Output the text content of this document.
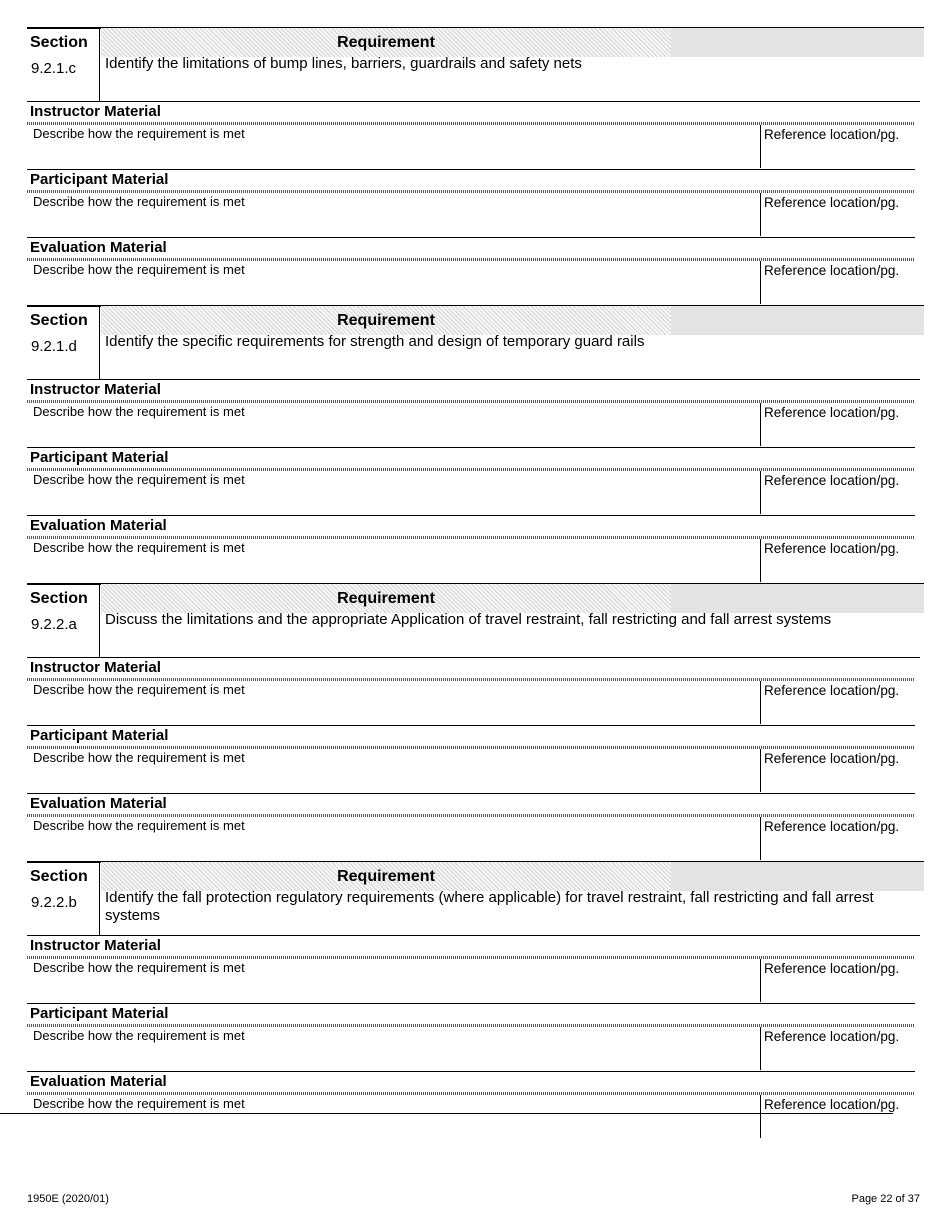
Section	Requirement
9.2.1.c Identify the limitations of bump lines, barriers, guardrails and safety nets
Instructor Material
Describe how the requirement is met	Reference location/pg.
Participant Material
Describe how the requirement is met	Reference location/pg.
Evaluation Material
Describe how the requirement is met	Reference location/pg.
Section	Requirement
9.2.1.d Identify the specific requirements for strength and design of temporary guard rails
Instructor Material
Describe how the requirement is met	Reference location/pg.
Participant Material
Describe how the requirement is met	Reference location/pg.
Evaluation Material
Describe how the requirement is met	Reference location/pg.
Section	Requirement
9.2.2.a Discuss the limitations and the appropriate Application of travel restraint, fall restricting and fall arrest systems
Instructor Material
Describe how the requirement is met	Reference location/pg.
Participant Material
Describe how the requirement is met	Reference location/pg.
Evaluation Material
Describe how the requirement is met	Reference location/pg.
Section	Requirement
9.2.2.b Identify the fall protection regulatory requirements (where applicable) for travel restraint, fall restricting and fall arrest systems
Instructor Material
Describe how the requirement is met	Reference location/pg.
Participant Material
Describe how the requirement is met	Reference location/pg.
Evaluation Material
Describe how the requirement is met	Reference location/pg.
1950E (2020/01)	Page 22 of 37
